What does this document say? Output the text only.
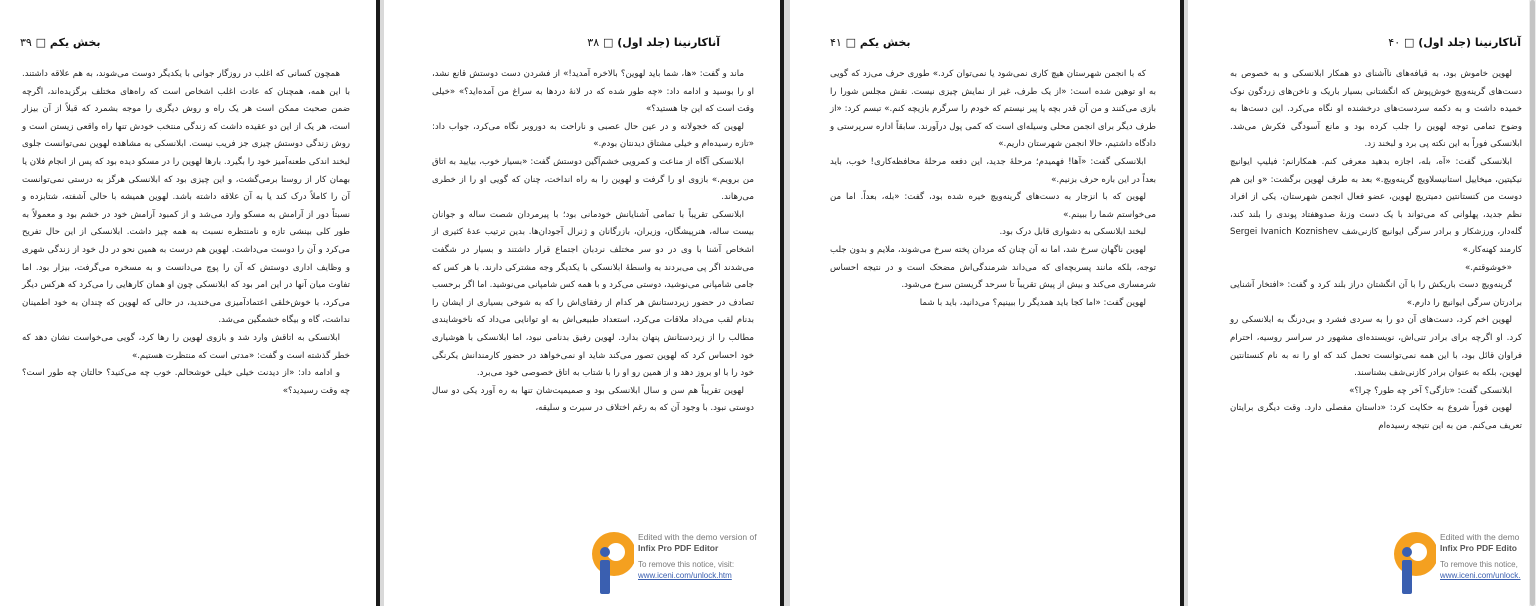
بخش یکم □ ۳۹

همچون کسانی که اغلب در روزگار جوانی با یکدیگر دوست می‌شوند، به هم علاقه داشتند. با این همه، همچنان که عادت اغلب اشخاص است که راه‌های مختلف برگزیده‌اند، اگرچه ضمن صحبت ممکن است هر یک راه و روش دیگری را موجه بشمرد که قبلاً از آن بیزار است، هر یک از این دو عقیده داشت که زندگی منتخب خودش تنها راه واقعی زیستن است و روش زندگی دوستش چیزی جز فریب نیست. ابلانسکی به مشاهده لهوین نمی‌توانست جلوی لبخند اندکی طعنه‌آمیز خود را بگیرد. بارها لهوین را در مسکو دیده بود که پس از انجام فلان یا بهمان کار از روستا برمی‌گشت، و این چیزی بود که ابلانسکی هرگز به درستی نمی‌توانست آن را کاملاً درک کند یا به آن علاقه داشته باشد. لهوین همیشه با حالی آشفته، شتابزده و نسبتاً دور از آرامش به مسکو وارد می‌شد و از کمبود آرامش خود در خشم بود و معمولاً به طور کلی بینشی تازه و نامنتظره نسبت به همه چیز داشت. ابلانسکی از این حال تفریح می‌کرد و آن را دوست می‌داشت. لهوین هم درست به همین نحو در دل خود از زندگی شهری و وظایف اداری دوستش که آن را پوچ می‌دانست و به مسخره می‌گرفت، بیزار بود. اما تفاوت میان آنها در این امر بود که ابلانسکی چون او همان کارهایی را می‌کرد که هرکس دیگر می‌کرد، با خوش‌خلقی اعتمادآمیزی می‌خندید، در حالی که لهوین که چندان به خود اطمینان نداشت، گاه و بیگاه خشمگین می‌شد.

ابلانسکی به اتاقش وارد شد و بازوی لهوین را رها کرد، گویی می‌خواست نشان دهد که خطر گذشته است و گفت: «مدتی است که منتظرت هستیم.»

و ادامه داد: «از دیدنت خیلی خیلی خوشحالم. خوب چه می‌کنید؟ حالتان چه طور است؟ چه وقت رسیدید؟»

آناکارنینا (جلد اول) □ ۳۸

ماند و گفت: «ها، شما باید لهوین؟ بالاخره آمدید!» از فشردن دست دوستش قانع نشد، او را بوسید و ادامه داد: «چه طور شده که در لانهٔ دردها به سراغ من آمده‌اید؟» «خیلی وقت است که این جا هستید؟»

لهوین که خجولانه و در عین حال عصبی و ناراحت به دوروبر نگاه می‌کرد، جواب داد: «تازه رسیده‌ام و خیلی مشتاق دیدنتان بودم.»

ابلانسکی آگاه از مناعت و کمرویی خشم‌آگین دوستش گفت: «بسیار خوب، بیایید به اتاق من برویم.» بازوی او را گرفت و لهوین را به راه انداخت، چنان که گویی او را از خطری می‌رهاند.

ابلانسکی تقریباً با تمامی آشنایانش خودمانی بود؛ با پیرمردان شصت ساله و جوانان بیست ساله، هنرپیشگان، وزیران، بازرگانان و ژنرال آجودان‌ها. بدین ترتیب عدهٔ کثیری از اشخاص آشنا با وی در دو سر مختلف نردبان اجتماع قرار داشتند و بسیار در شگفت می‌شدند اگر پی می‌بردند به واسطهٔ ابلانسکی با یکدیگر وجه مشترکی دارند. با هر کس که جامی شامپانی می‌نوشید، دوستی می‌کرد و با همه کس شامپانی می‌نوشید. اما اگر برحسب تصادف در حضور زیردستانش هر کدام از رفقای‌اش را که به شوخی بسیاری از ایشان را بدنام لقب می‌داد ملاقات می‌کرد، استعداد طبیعی‌اش به او توانایی می‌داد که ناخوشایندی مطالب را از زیردستانش پنهان بدارد. لهوین رفیق بدنامی نبود، اما ابلانسکی با هوشیاری خود احساس کرد که لهوین تصور می‌کند شاید او نمی‌خواهد در حضور کارمندانش یکرنگی خود را با او بروز دهد و از همین رو او را با شتاب به اتاق خصوصی خود می‌برد.

لهوین تقریباً هم سن و سال ابلانسکی بود و صمیمیت‌شان تنها به ره آورد یکی دو سال دوستی نبود. با وجود آن که به رغم اختلاف در سیرت و سلیقه،

Edited with the demo version of
Infix Pro PDF Editor
To remove this notice, visit:
www.iceni.com/unlock.htm
بخش یکم □ ۴۱

که با انجمن شهرستان هیچ کاری نمی‌شود یا نمی‌توان کرد.» طوری حرف می‌زد که گویی به او توهین شده است: «از یک طرف، غیر از نمایش چیزی نیست. نقش مجلس شورا را بازی می‌کنند و من آن قدر بچه یا پیر نیستم که خودم را سرگرم بازیچه کنم.» تبسم کرد: «از طرف دیگر برای انجمن محلی وسیله‌ای است که کمی پول درآورند. سابقاً اداره سرپرستی و دادگاه داشتیم، حالا انجمن شهرستان داریم.»

ابلانسکی گفت: «آها! فهمیدم؛ مرحلهٔ جدید، این دفعه مرحلهٔ محافظه‌کاری! خوب، باید بعداً در این باره حرف بزنیم.»

لهوین که با انزجار به دست‌های گرینه‌ویچ خیره شده بود، گفت: «بله، بعداً. اما من می‌خواستم شما را ببینم.»

لبخند ابلانسکی به دشواری قابل درک بود.

لهوین ناگهان سرخ شد، اما نه آن چنان که مردان پخته سرخ می‌شوند، ملایم و بدون جلب توجه، بلکه مانند پسربچه‌ای که می‌داند شرمندگی‌اش مضحک است و در نتیجه احساس شرمساری می‌کند و بیش از پیش تقریباً تا سرحد گریستن سرخ می‌شود.

لهوین گفت: «اما کجا باید همدیگر را ببینیم؟ می‌دانید، باید با شما

آناکارنینا (جلد اول) □ ۴۰

لهوین خاموش بود، به قیافه‌های ناآشنای دو همکار ابلانسکی و به خصوص به دست‌های گرینه‌ویچ خوش‌پوش که انگشتانی بسیار باریک و ناخن‌های زردگون نوک خمیده داشت و به دکمه سردست‌های درخشنده او نگاه می‌کرد. این دست‌ها به وضوح تمامی توجه لهوین را جلب کرده بود و مانع آسودگی فکرش می‌شد. ابلانسکی فوراً به این نکته پی برد و لبخند زد.

ابلانسکی گفت: «آه، بله، اجازه بدهید معرفی کنم. همکارانم: فیلیپ ایوانیچ نیکیتین، میخاییل استانیسلاویچ گرینه‌ویچ.» بعد به طرف لهوین برگشت: «و این هم دوست من کنستانتین دمیتریچ لهوین، عضو فعال انجمن شهرستان، یکی از افراد نظم جدید، پهلوانی که می‌تواند با یک دست وزنهٔ صدوهفتاد پوندی را بلند کند، گله‌دار، ورزشکار و برادر سرگی ایوانیچ کازنی‌شف Sergei Ivanich Koznishev کارمند کهنه‌کار.»

«خوشوقتم.»

گرینه‌ویچ دست باریکش را با آن انگشتان دراز بلند کرد و گفت: «افتخار آشنایی برادرتان سرگی ایوانیچ را دارم.»

لهوین اخم کرد، دست‌های آن دو را به سردی فشرد و بی‌درنگ به ابلانسکی رو کرد. او اگرچه برای برادر تنی‌اش، نویسنده‌ای مشهور در سراسر روسیه، احترام فراوان قائل بود، با این همه نمی‌توانست تحمل کند که او را نه به نام کنستانتین لهوین، بلکه به عنوان برادر کازنی‌شف بشناسند.

ابلانسکی گفت: «تازگی؟ آخر چه طور؟ چرا؟»

لهوین فوراً شروع به حکایت کرد: «داستان مفصلی دارد. وقت دیگری برایتان تعریف می‌کنم. من به این نتیجه رسیده‌ام

Edited with the demo
Infix Pro PDF Edito
To remove this notice,
www.iceni.com/unlock.
